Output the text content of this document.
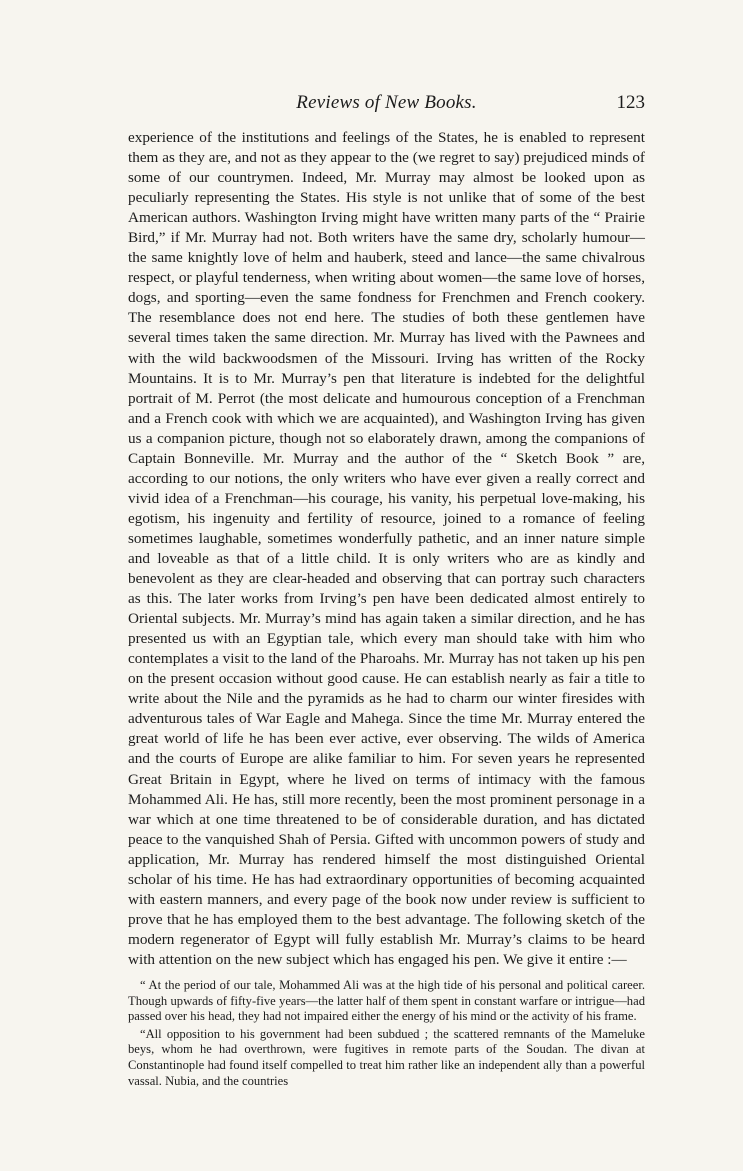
Reviews of New Books.	123

experience of the institutions and feelings of the States, he is enabled to represent them as they are, and not as they appear to the (we regret to say) prejudiced minds of some of our countrymen. Indeed, Mr. Murray may almost be looked upon as peculiarly representing the States. His style is not unlike that of some of the best American authors. Washington Irving might have written many parts of the “ Prairie Bird,” if Mr. Murray had not. Both writers have the same dry, scholarly humour—the same knightly love of helm and hauberk, steed and lance—the same chivalrous respect, or playful tenderness, when writing about women—the same love of horses, dogs, and sporting—even the same fondness for Frenchmen and French cookery. The resemblance does not end here. The studies of both these gentlemen have several times taken the same direction. Mr. Murray has lived with the Pawnees and with the wild backwoodsmen of the Missouri. Irving has written of the Rocky Mountains. It is to Mr. Murray’s pen that literature is indebted for the delightful portrait of M. Perrot (the most delicate and humourous conception of a Frenchman and a French cook with which we are acquainted), and Washington Irving has given us a companion picture, though not so elaborately drawn, among the companions of Captain Bonneville. Mr. Murray and the author of the “ Sketch Book ” are, according to our notions, the only writers who have ever given a really correct and vivid idea of a Frenchman—his courage, his vanity, his perpetual love-making, his egotism, his ingenuity and fertility of resource, joined to a romance of feeling sometimes laughable, sometimes wonderfully pathetic, and an inner nature simple and loveable as that of a little child. It is only writers who are as kindly and benevolent as they are clear-headed and observing that can portray such characters as this. The later works from Irving’s pen have been dedicated almost entirely to Oriental subjects. Mr. Murray’s mind has again taken a similar direction, and he has presented us with an Egyptian tale, which every man should take with him who contemplates a visit to the land of the Pharoahs. Mr. Murray has not taken up his pen on the present occasion without good cause. He can establish nearly as fair a title to write about the Nile and the pyramids as he had to charm our winter firesides with adventurous tales of War Eagle and Mahega. Since the time Mr. Murray entered the great world of life he has been ever active, ever observing. The wilds of America and the courts of Europe are alike familiar to him. For seven years he represented Great Britain in Egypt, where he lived on terms of intimacy with the famous Mohammed Ali. He has, still more recently, been the most prominent personage in a war which at one time threatened to be of considerable duration, and has dictated peace to the vanquished Shah of Persia. Gifted with uncommon powers of study and application, Mr. Murray has rendered himself the most distinguished Oriental scholar of his time. He has had extraordinary opportunities of becoming acquainted with eastern manners, and every page of the book now under review is sufficient to prove that he has employed them to the best advantage. The following sketch of the modern regenerator of Egypt will fully establish Mr. Murray’s claims to be heard with attention on the new subject which has engaged his pen. We give it entire :—

“ At the period of our tale, Mohammed Ali was at the high tide of his personal and political career. Though upwards of fifty-five years—the latter half of them spent in constant warfare or intrigue—had passed over his head, they had not impaired either the energy of his mind or the activity of his frame.

“All opposition to his government had been subdued ; the scattered remnants of the Mameluke beys, whom he had overthrown, were fugitives in remote parts of the Soudan. The divan at Constantinople had found itself compelled to treat him rather like an independent ally than a powerful vassal. Nubia, and the countries
